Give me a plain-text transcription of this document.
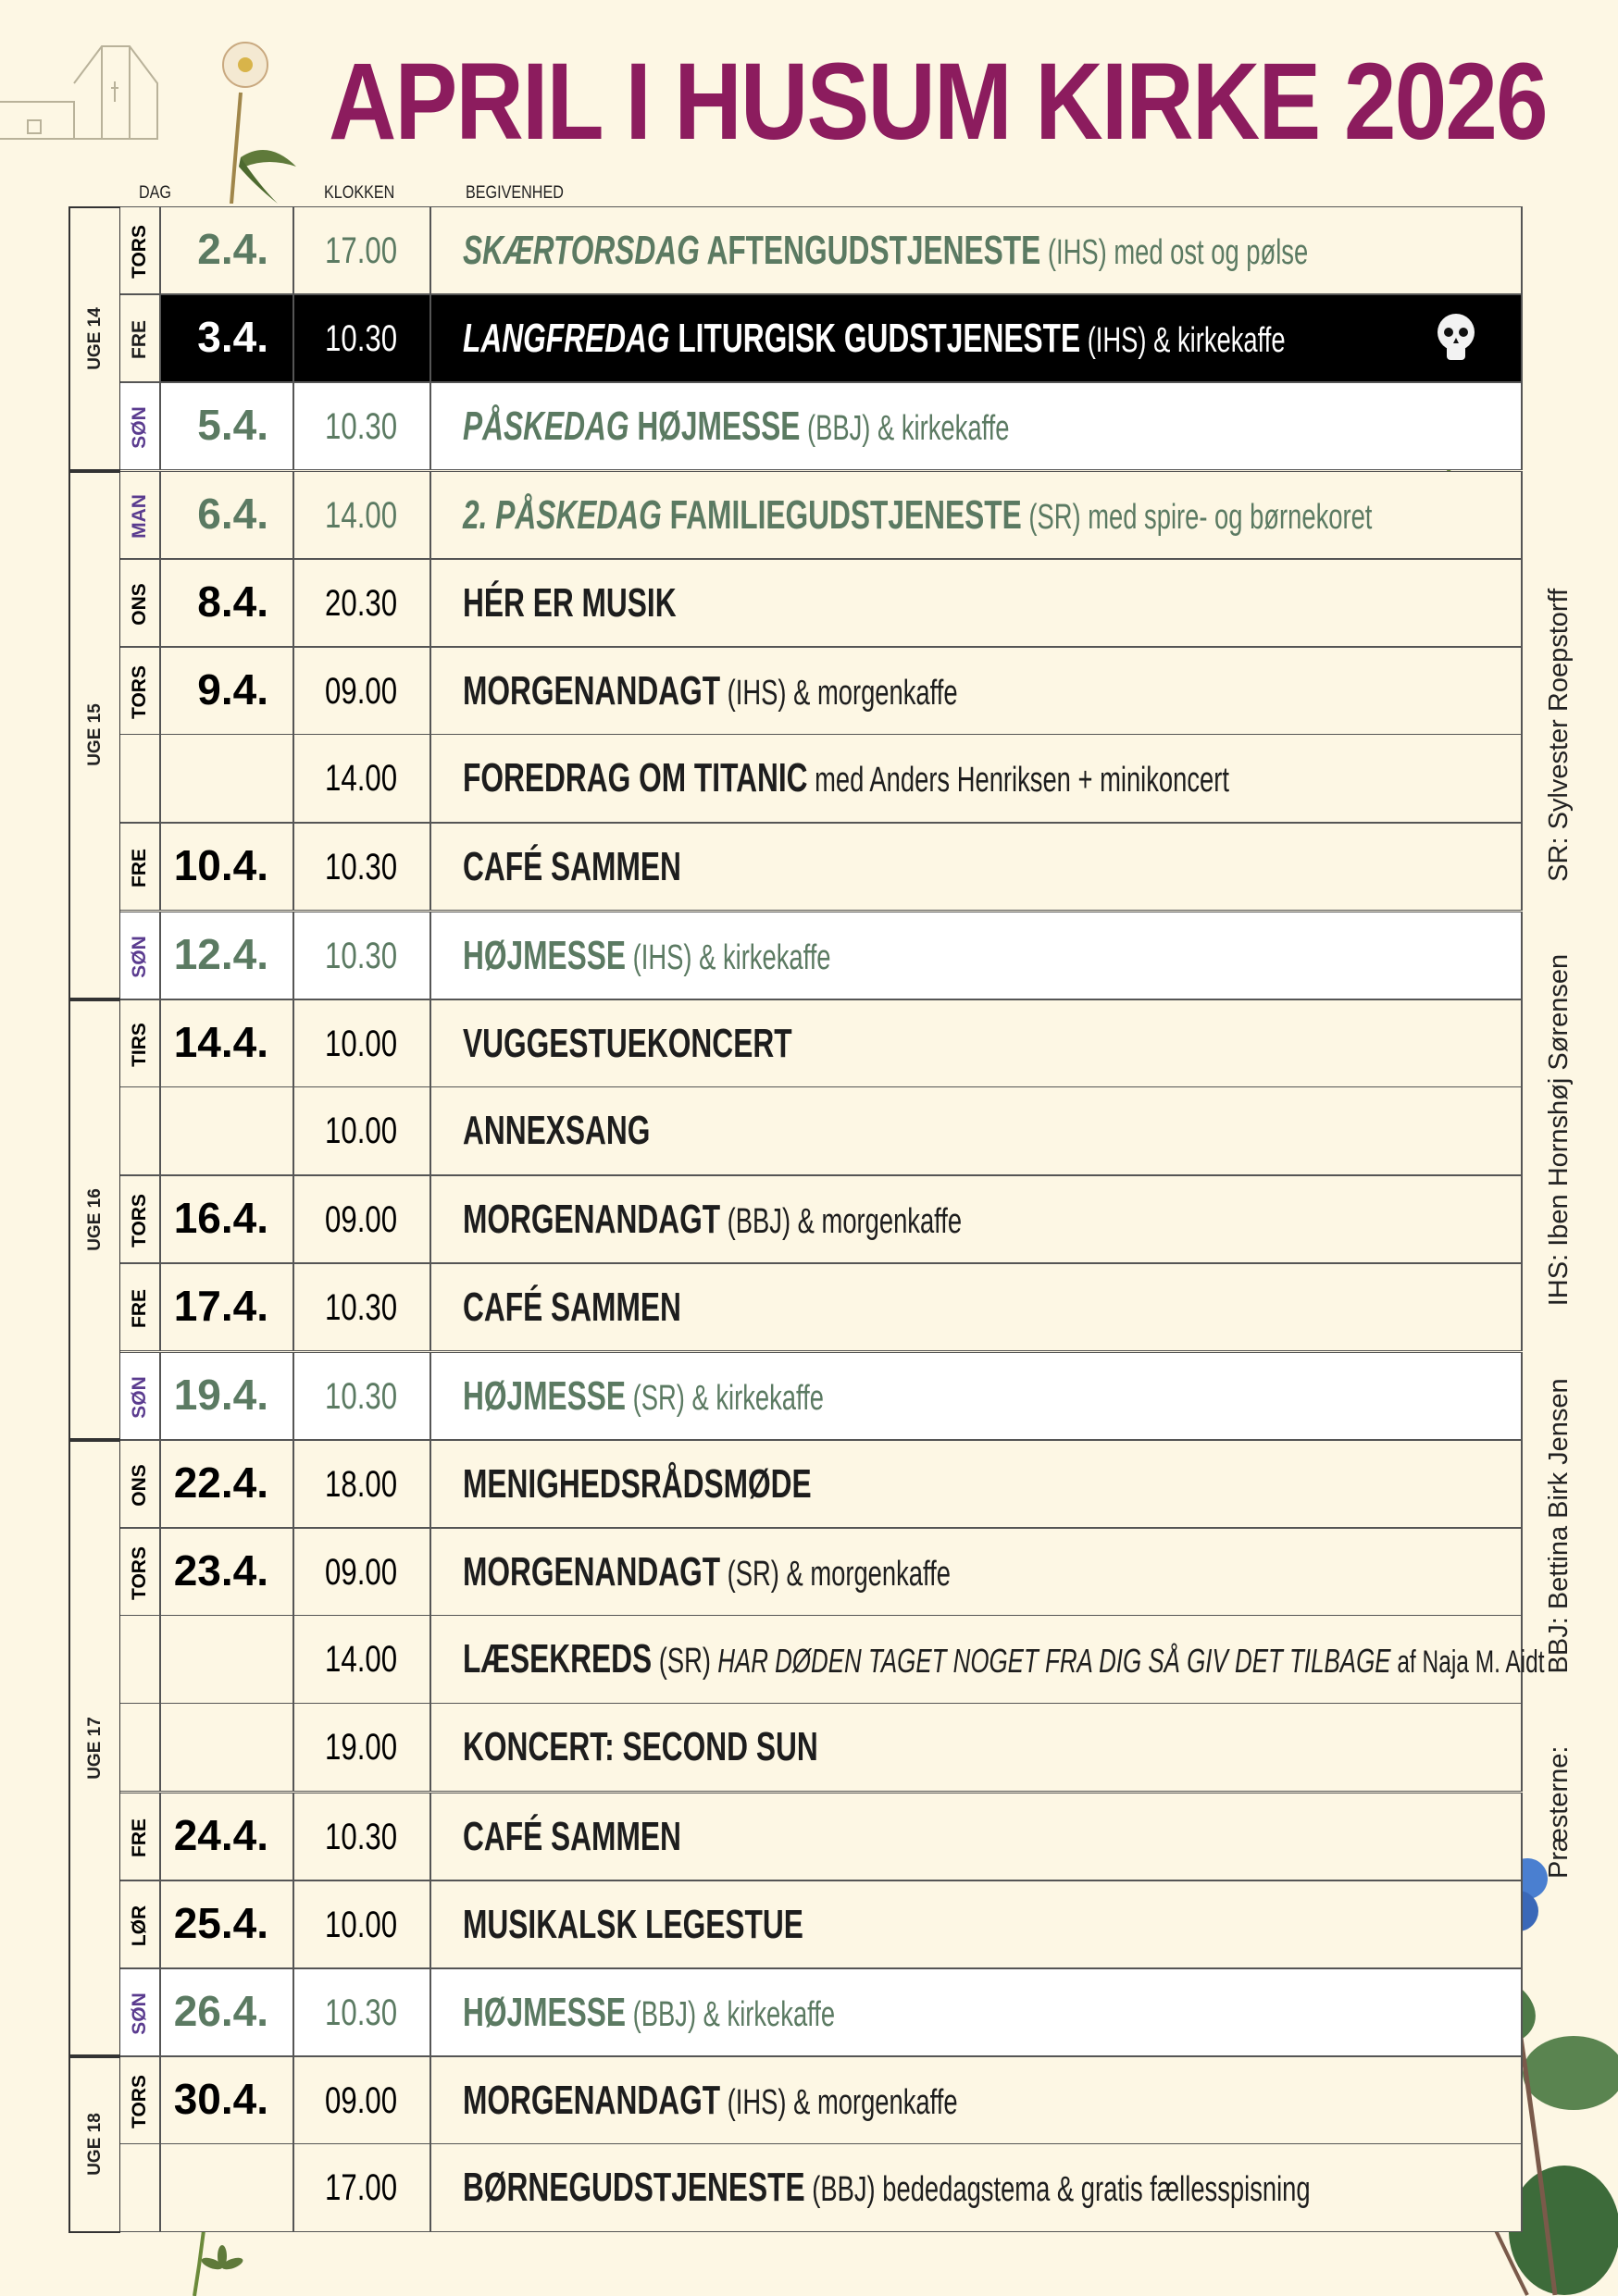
APRIL I HUSUM KIRKE 2026
DAG	KLOKKEN	BEGIVENHED
UGE 14
UGE 15
UGE 16
UGE 17
UGE 18
TORS 2.4.	17.00	SKÆRTORSDAG AFTENGUDSTJENESTE (IHS) med ost og pølse
FRE 3.4.	10.30	LANGFREDAG LITURGISK GUDSTJENESTE (IHS) & kirkekaffe
SØN 5.4.	10.30	PÅSKEDAG HØJMESSE (BBJ) & kirkekaffe
MAN 6.4.	14.00	2. PÅSKEDAG FAMILIEGUDSTJENESTE (SR) med spire- og børnekoret
ONS 8.4.	20.30	HÉR ER MUSIK
TORS 9.4.	09.00	MORGENANDAGT (IHS) & morgenkaffe
14.00	FOREDRAG OM TITANIC med Anders Henriksen + minikoncert
FRE 10.4.	10.30	CAFÉ SAMMEN
SØN 12.4.	10.30	HØJMESSE (IHS) & kirkekaffe
TIRS 14.4.	10.00	VUGGESTUEKONCERT
10.00	ANNEXSANG
TORS 16.4.	09.00	MORGENANDAGT (BBJ) & morgenkaffe
FRE 17.4.	10.30	CAFÉ SAMMEN
SØN 19.4.	10.30	HØJMESSE (SR) & kirkekaffe
ONS 22.4.	18.00	MENIGHEDSRÅDSMØDE
TORS 23.4.	09.00	MORGENANDAGT (SR) & morgenkaffe
14.00	LÆSEKREDS (SR) HAR DØDEN TAGET NOGET FRA DIG SÅ GIV DET TILBAGE af Naja M. Aidt
19.00	KONCERT: SECOND SUN
FRE 24.4.	10.30	CAFÉ SAMMEN
LØR 25.4.	10.00	MUSIKALSK LEGESTUE
SØN 26.4.	10.30	HØJMESSE (BBJ) & kirkekaffe
TORS 30.4.	09.00	MORGENANDAGT (IHS) & morgenkaffe
17.00	BØRNEGUDSTJENESTE (BBJ) bededagstema & gratis fællesspisning
Præsterne: BBJ: Bettina Birk Jensen IHS: Iben Hornshøj Sørensen SR: Sylvester Roepstorff
